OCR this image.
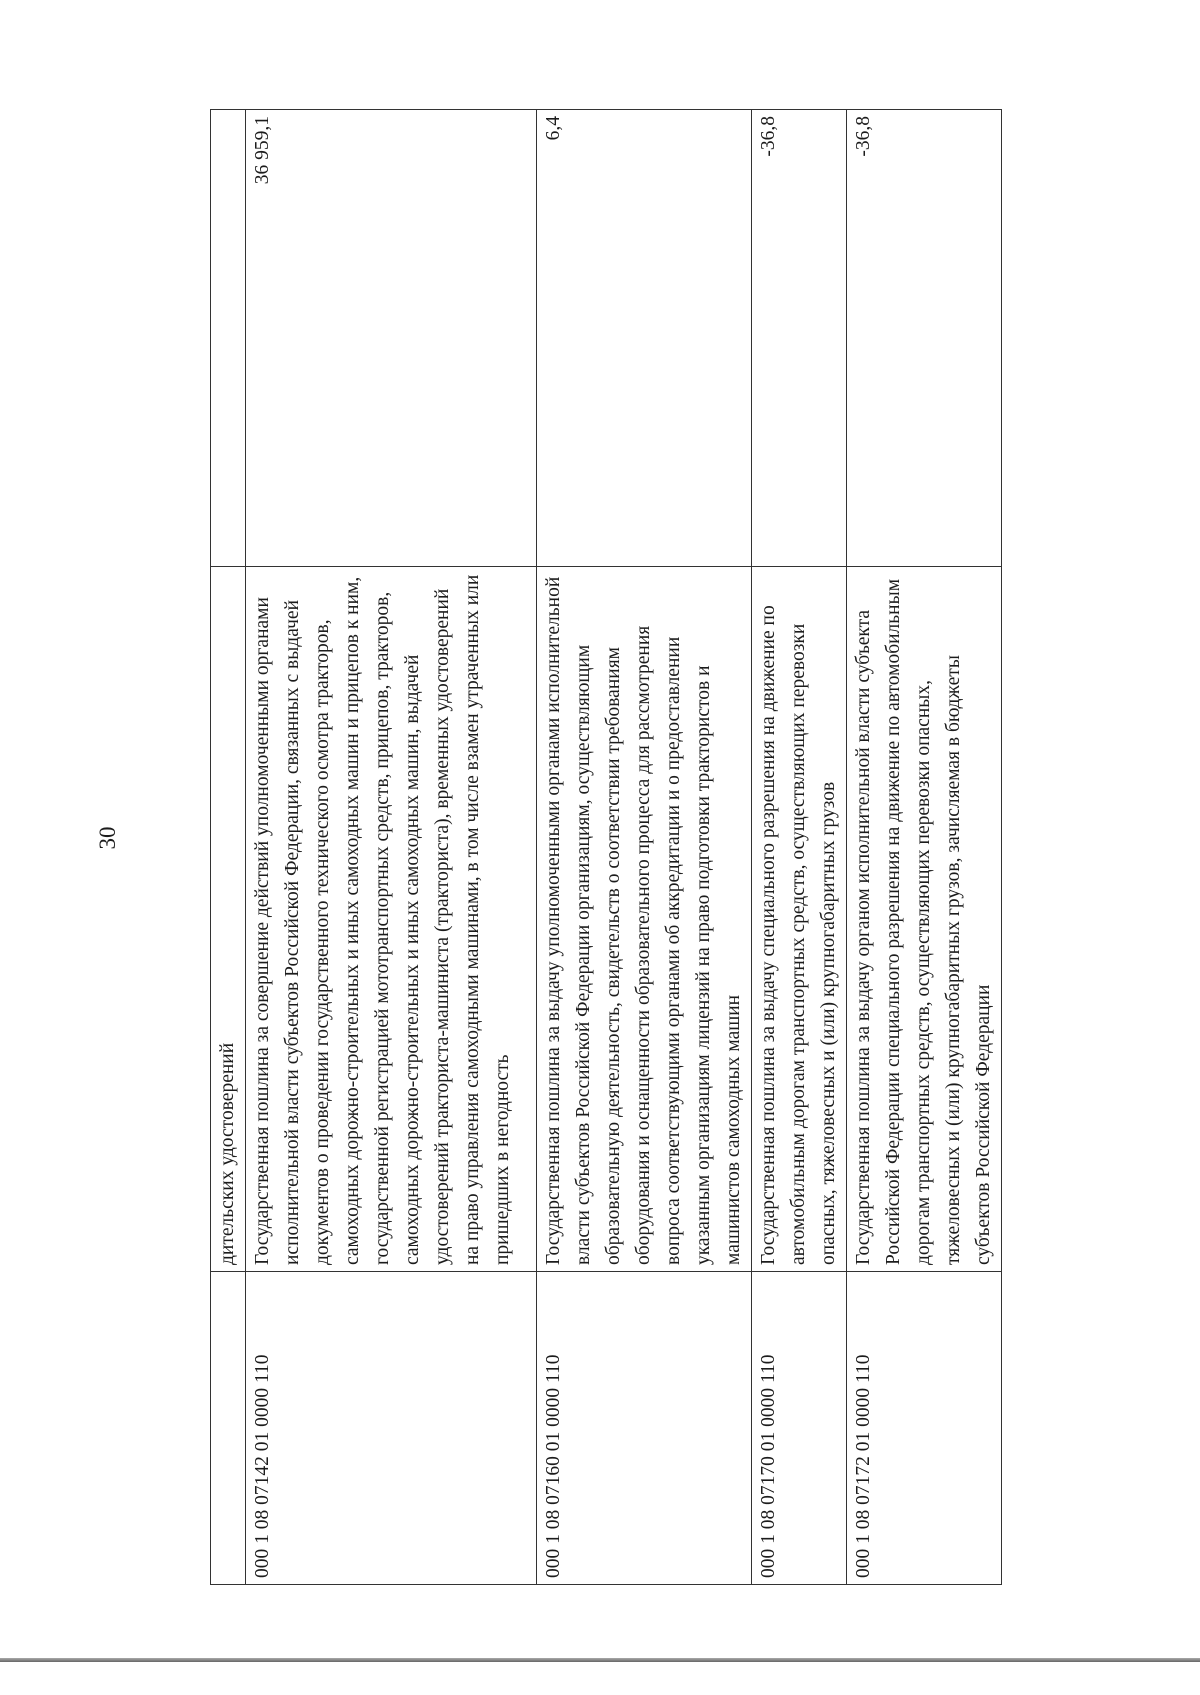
30
	дительских удостоверений	
000 1 08 07142 01 0000 110	Государственная пошлина за совершение действий уполномоченными органами исполнительной власти субъектов Российской Федерации, связанных с выдачей документов о проведении государственного технического осмотра тракторов, самоходных дорожно-строительных и иных самоходных машин и прицепов к ним, государственной регистрацией мототранспортных средств, прицепов, тракторов, самоходных дорожно-строительных и иных самоходных машин, выдачей удостоверений тракториста-машиниста (тракториста), временных удостоверений на право управления самоходными машинами, в том числе взамен утраченных или пришедших в негодность	36 959,1
000 1 08 07160 01 0000 110	Государственная пошлина за выдачу уполномоченными органами исполнительной власти субъектов Российской Федерации организациям, осуществляющим образовательную деятельность, свидетельств о соответствии требованиям оборудования и оснащенности образовательного процесса для рассмотрения вопроса соответствующими органами об аккредитации и о предоставлении указанным организациям лицензий на право подготовки трактористов и машинистов самоходных машин	6,4
000 1 08 07170 01 0000 110	Государственная пошлина за выдачу специального разрешения на движение по автомобильным дорогам транспортных средств, осуществляющих перевозки опасных, тяжеловесных и (или) крупногабаритных грузов	-36,8
000 1 08 07172 01 0000 110	Государственная пошлина за выдачу органом исполнительной власти субъекта Российской Федерации специального разрешения на движение по автомобильным дорогам транспортных средств, осуществляющих перевозки опасных, тяжеловесных и (или) крупногабаритных грузов, зачисляемая в бюджеты субъектов Российской Федерации	-36,8
